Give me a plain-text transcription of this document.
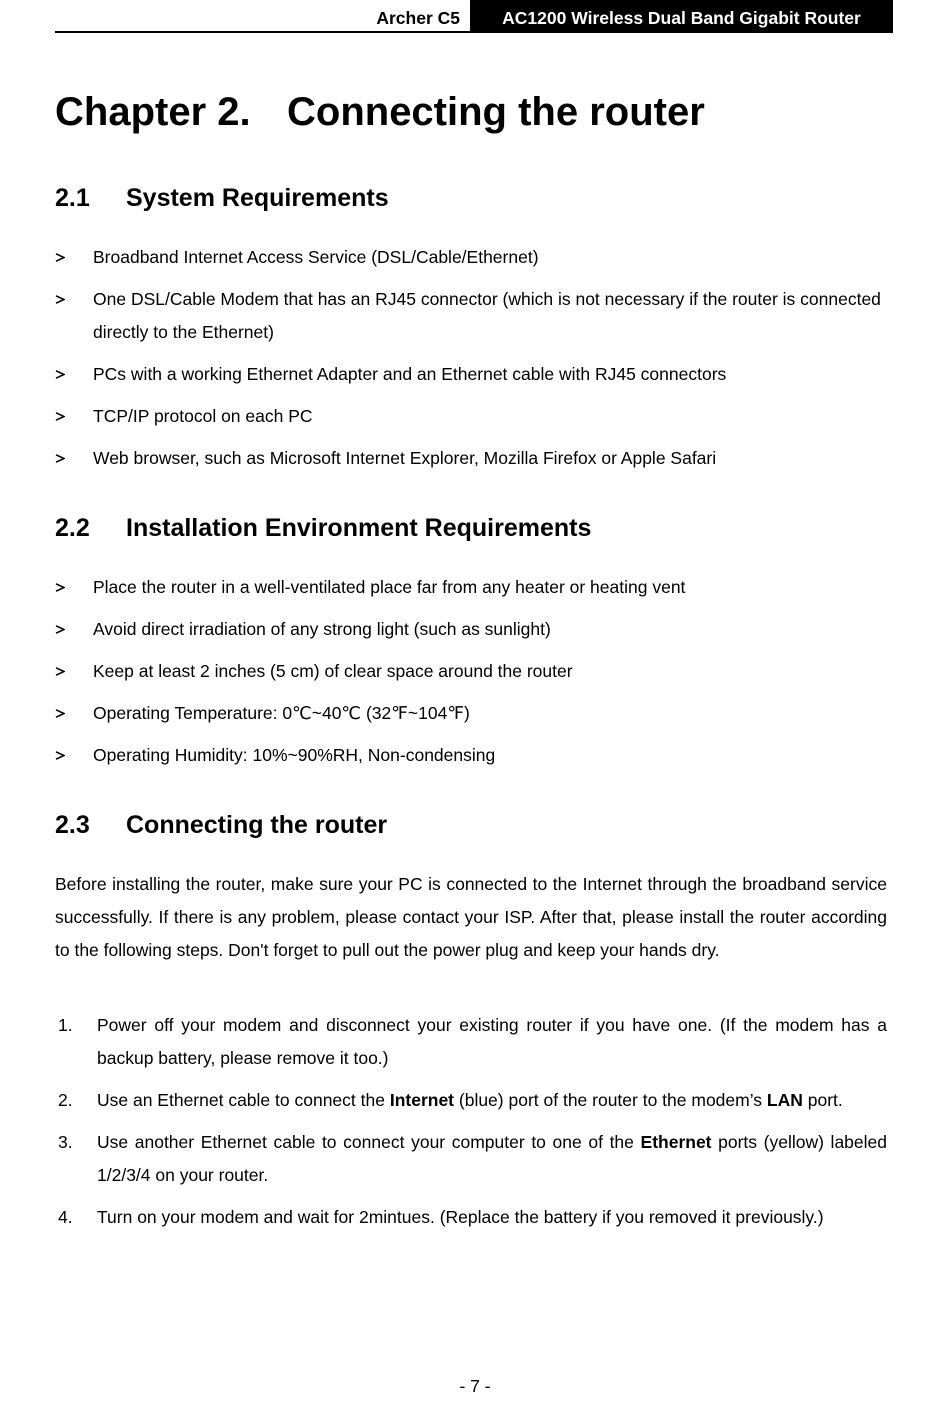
Archer C5	AC1200 Wireless Dual Band Gigabit Router
Chapter 2. Connecting the router
2.1 System Requirements
Broadband Internet Access Service (DSL/Cable/Ethernet)
One DSL/Cable Modem that has an RJ45 connector (which is not necessary if the router is connected directly to the Ethernet)
PCs with a working Ethernet Adapter and an Ethernet cable with RJ45 connectors
TCP/IP protocol on each PC
Web browser, such as Microsoft Internet Explorer, Mozilla Firefox or Apple Safari
2.2 Installation Environment Requirements
Place the router in a well-ventilated place far from any heater or heating vent
Avoid direct irradiation of any strong light (such as sunlight)
Keep at least 2 inches (5 cm) of clear space around the router
Operating Temperature: 0℃~40℃ (32℉~104℉)
Operating Humidity: 10%~90%RH, Non-condensing
2.3 Connecting the router

Before installing the router, make sure your PC is connected to the Internet through the broadband service successfully. If there is any problem, please contact your ISP. After that, please install the router according to the following steps. Don't forget to pull out the power plug and keep your hands dry.

1. Power off your modem and disconnect your existing router if you have one. (If the modem has a backup battery, please remove it too.)
2. Use an Ethernet cable to connect the Internet (blue) port of the router to the modem’s LAN port.
3. Use another Ethernet cable to connect your computer to one of the Ethernet ports (yellow) labeled 1/2/3/4 on your router.
4. Turn on your modem and wait for 2mintues. (Replace the battery if you removed it previously.)
- 7 -
